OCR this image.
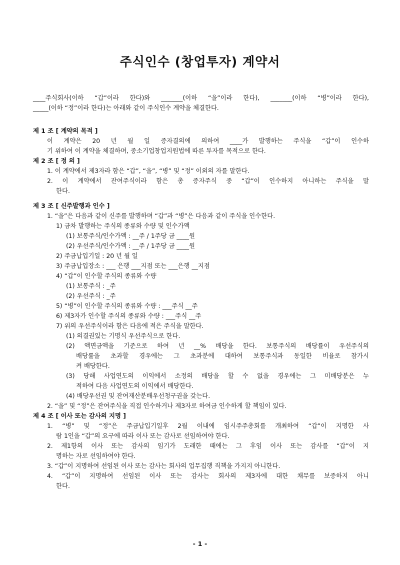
주식인수 (창업투자) 계약서
____주식회사(이하 “갑”이라 한다)와 _______(이하 “을”이라 한다), _______(이하 “병”이라 한다),
_____(이하 “정”이라 한다)는 아래와 같이 주식인수 계약을 체결한다.
제 1 조 [ 계약의 목적 ]
이 계약은 20 년 월 일 증자결의에 의하여 ____가 발행하는 주식을 “갑”이 인수하
기 위하여 이 계약을 체결하며, 중소기업창업지원법에 따른 투자를 목적으로 한다.
제 2 조 [ 정 의 ]
1. 이 계약에서 제3자라 함은 “갑”, “을”, “병” 및 “정” 이외의 자를 말한다.
2. 이 계약에서 잔여주식이라 함은 총 증자주식 중 “갑”이 인수하지 아니하는 주식을 말
한다.
제 3 조 [ 신주발행과 인수 ]
1. “을”은 다음과 같이 신주를 발행하며 “갑”과 “병”은 다음과 같이 주식을 인수한다.
1) 금차 발행하는 주식의 종류와 수량 및 인수가액
(1) 보통주식/인수가액 : __주 / 1주당 금 ____원
(2) 우선주식/인수가액 : __주 / 1주당 금 ____원
2) 주금납입기일 : 20 년 월 일
3) 주금납입장소 : ___ 은행 ___지점 또는 ___은행 __지점
4) “갑”이 인수할 주식의 종류와 수량
(1) 보통주식 : _주
(2) 우선주식 : _주
5) “병”이 인수할 주식의 종류와 수량 : ___주식 __주
6) 제3자가 인수할 주식의 종류와 수량 : ___주식 __주
7) 위의 우선주식이라 함은 다음에 적은 주식을 말한다.
(1) 의결권있는 기명식 우선주식으로 한다.
(2) 액면금액을 기준으로 하여 년 __% 배당을 한다. 보통주식의 배당률이 우선주식의
배당률을 초과할 경우에는 그 초과분에 대하여 보통주식과 동일한 비율로 참가시
켜 배당한다.
(3) 당해 사업연도의 이익에서 소정의 배당을 할 수 없을 경우에는 그 미배당분은 누
적하여 다음 사업연도의 이익에서 배당한다.
(4) 배당우선권 및 잔여재산분배우선청구권을 갖는다.
2. “을” 및 “정”은 잔여주식을 직접 인수하거나 제3자로 하여금 인수하게 할 책임이 있다.
제 4 조 [ 이사 또는 감사의 지명 ]
1. “병” 및 “정”은 주금납입기일후 2월 이내에 임시주주총회를 개최하여 “갑”이 지명한 사
람 1인을 “갑”의 요구에 따라 이사 또는 감사로 선임하여야 한다.
2. 제1항의 이사 또는 감사의 임기가 도래한 때에는 그 후임 이사 또는 감사를 “갑”이 지
명하는 자로 선임하여야 한다.
3. “갑”이 지명하여 선임된 이사 또는 감사는 회사의 업무집행 직책을 가지지 아니한다.
4. “갑”이 지명하여 선임된 이사 또는 감사는 회사의 제3자에 대한 채무를 보증하지 아니
한다.
- 1 -
